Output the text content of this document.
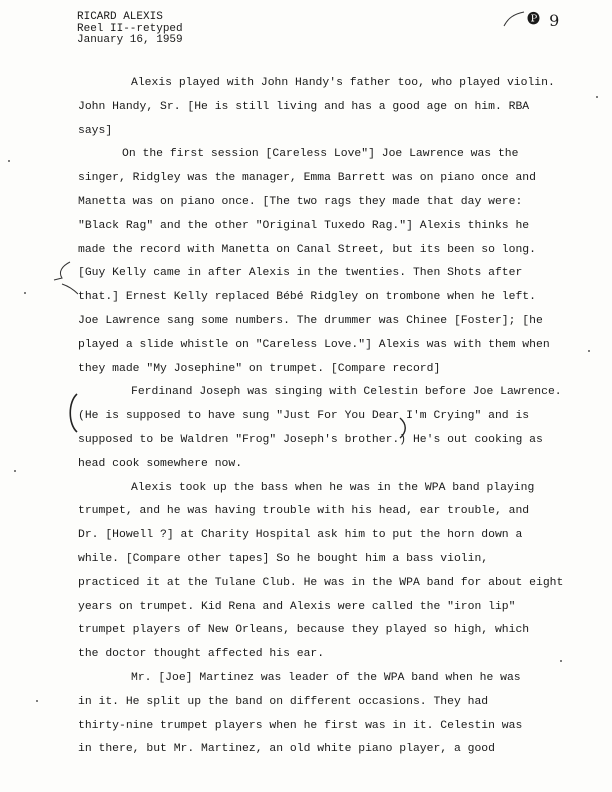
RICARD ALEXIS
Reel II--retyped
January 16, 1959
🅟 9
Alexis played with John Handy's father too, who played violin.
John Handy, Sr. [He is still living and has a good age on him. RBA
says]
On the first session [Careless Love"] Joe Lawrence was the
singer, Ridgley was the manager, Emma Barrett was on piano once and
Manetta was on piano once. [The two rags they made that day were:
"Black Rag" and the other "Original Tuxedo Rag."] Alexis thinks he
made the record with Manetta on Canal Street, but its been so long.
[Guy Kelly came in after Alexis in the twenties. Then Shots after
that.] Ernest Kelly replaced Bébé Ridgley on trombone when he left.
Joe Lawrence sang some numbers. The drummer was Chinee [Foster]; [he
played a slide whistle on "Careless Love."] Alexis was with them when
they made "My Josephine" on trumpet. [Compare record]
Ferdinand Joseph was singing with Celestin before Joe Lawrence.
(He is supposed to have sung "Just For You Dear I'm Crying" and is
supposed to be Waldren "Frog" Joseph's brother.) He's out cooking as
head cook somewhere now.
Alexis took up the bass when he was in the WPA band playing
trumpet, and he was having trouble with his head, ear trouble, and
Dr. [Howell ?] at Charity Hospital ask him to put the horn down a
while. [Compare other tapes] So he bought him a bass violin,
practiced it at the Tulane Club. He was in the WPA band for about eight
years on trumpet. Kid Rena and Alexis were called the "iron lip"
trumpet players of New Orleans, because they played so high, which
the doctor thought affected his ear.
Mr. [Joe] Martinez was leader of the WPA band when he was
in it. He split up the band on different occasions. They had
thirty-nine trumpet players when he first was in it. Celestin was
in there, but Mr. Martinez, an old white piano player, a good
